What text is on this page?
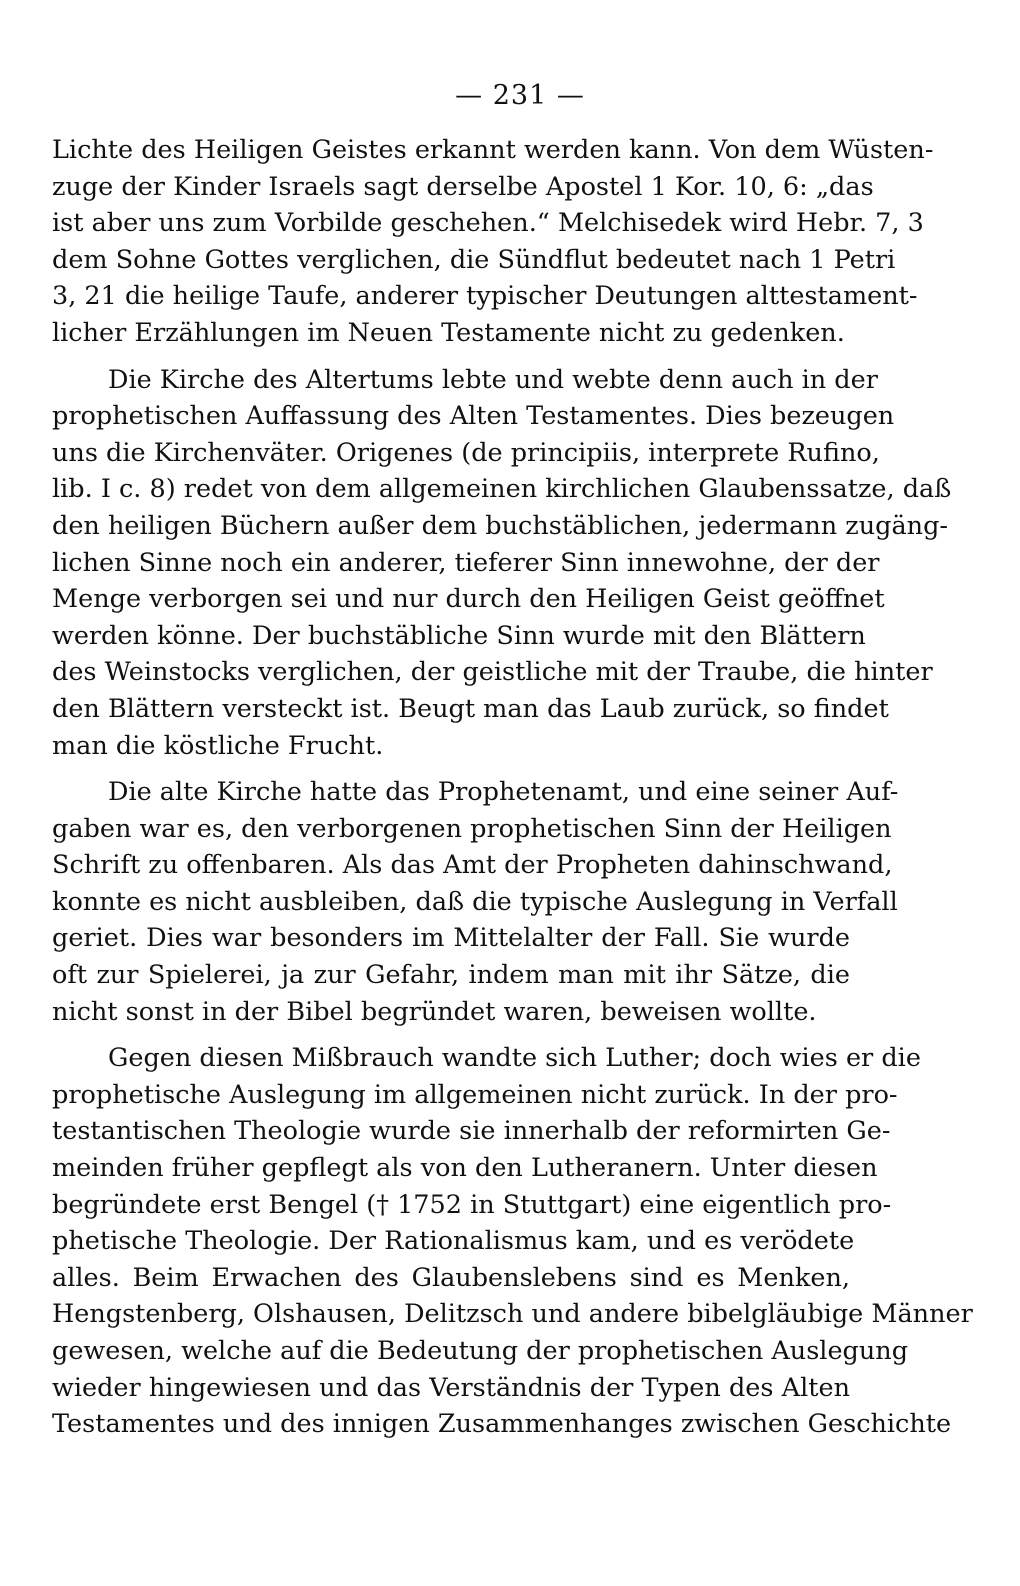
— 231 —
Lichte des Heiligen Geistes erkannt werden kann. Von dem Wüsten-
zuge der Kinder Israels sagt derselbe Apostel 1 Kor. 10, 6: „das
ist aber uns zum Vorbilde geschehen.“ Melchisedek wird Hebr. 7, 3
dem Sohne Gottes verglichen, die Sündflut bedeutet nach 1 Petri
3, 21 die heilige Taufe, anderer typischer Deutungen alttestament-
licher Erzählungen im Neuen Testamente nicht zu gedenken.
Die Kirche des Altertums lebte und webte denn auch in der
prophetischen Auffassung des Alten Testamentes. Dies bezeugen
uns die Kirchenväter. Origenes (de principiis, interprete Rufino,
lib. I c. 8) redet von dem allgemeinen kirchlichen Glaubenssatze, daß
den heiligen Büchern außer dem buchstäblichen, jedermann zugäng-
lichen Sinne noch ein anderer, tieferer Sinn innewohne, der der
Menge verborgen sei und nur durch den Heiligen Geist geöffnet
werden könne. Der buchstäbliche Sinn wurde mit den Blättern
des Weinstocks verglichen, der geistliche mit der Traube, die hinter
den Blättern versteckt ist. Beugt man das Laub zurück, so findet
man die köstliche Frucht.
Die alte Kirche hatte das Prophetenamt, und eine seiner Auf-
gaben war es, den verborgenen prophetischen Sinn der Heiligen
Schrift zu offenbaren. Als das Amt der Propheten dahinschwand,
konnte es nicht ausbleiben, daß die typische Auslegung in Verfall
geriet. Dies war besonders im Mittelalter der Fall. Sie wurde
oft zur Spielerei, ja zur Gefahr, indem man mit ihr Sätze, die
nicht sonst in der Bibel begründet waren, beweisen wollte.
Gegen diesen Mißbrauch wandte sich Luther; doch wies er die
prophetische Auslegung im allgemeinen nicht zurück. In der pro-
testantischen Theologie wurde sie innerhalb der reformirten Ge-
meinden früher gepflegt als von den Lutheranern. Unter diesen
begründete erst Bengel († 1752 in Stuttgart) eine eigentlich pro-
phetische Theologie. Der Rationalismus kam, und es verödete
alles. Beim Erwachen des Glaubenslebens sind es Menken,
Hengstenberg, Olshausen, Delitzsch und andere bibelgläubige Männer
gewesen, welche auf die Bedeutung der prophetischen Auslegung
wieder hingewiesen und das Verständnis der Typen des Alten
Testamentes und des innigen Zusammenhanges zwischen Geschichte
